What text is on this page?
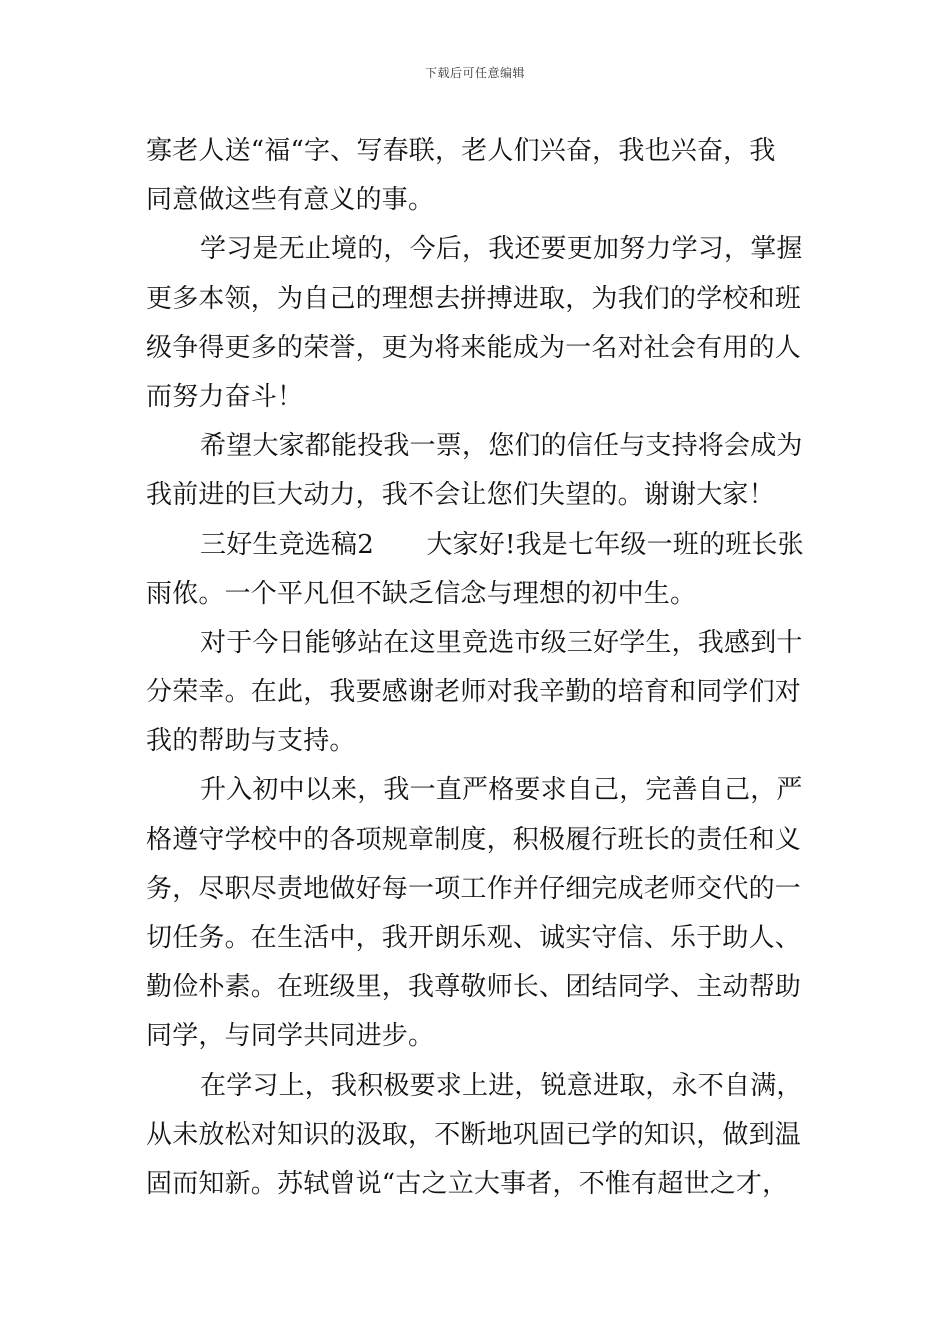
下载后可任意编辑
寡老人送“福“字、写春联，老人们兴奋，我也兴奋，我
同意做这些有意义的事。
学习是无止境的，今后，我还要更加努力学习，掌握
更多本领，为自己的理想去拼搏进取，为我们的学校和班
级争得更多的荣誉，更为将来能成为一名对社会有用的人
而努力奋斗！
希望大家都能投我一票，您们的信任与支持将会成为
我前进的巨大动力，我不会让您们失望的。谢谢大家！
三好生竞选稿2　　大家好!我是七年级一班的班长张
雨侬。一个平凡但不缺乏信念与理想的初中生。
对于今日能够站在这里竞选市级三好学生，我感到十
分荣幸。在此，我要感谢老师对我辛勤的培育和同学们对
我的帮助与支持。
升入初中以来，我一直严格要求自己，完善自己，严
格遵守学校中的各项规章制度，积极履行班长的责任和义
务，尽职尽责地做好每一项工作并仔细完成老师交代的一
切任务。在生活中，我开朗乐观、诚实守信、乐于助人、
勤俭朴素。在班级里，我尊敬师长、团结同学、主动帮助
同学，与同学共同进步。
在学习上，我积极要求上进，锐意进取，永不自满，
从未放松对知识的汲取，不断地巩固已学的知识，做到温
固而知新。苏轼曾说“古之立大事者，不惟有超世之才，
